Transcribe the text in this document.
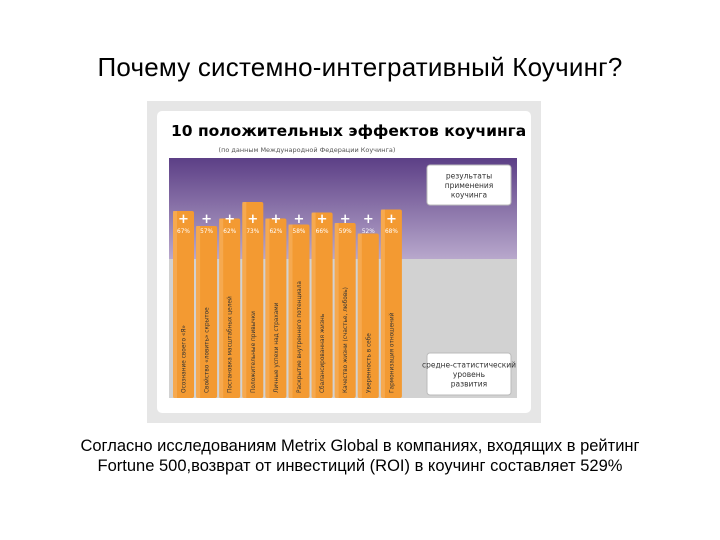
Почему системно-интегративный Коучинг?
10 положительных эффектов коучинга
(по данным Международной Федерации Коучинга)
+ + + + + + + + + +
67% 57% 62% 73% 62% 58% 66% 59% 52% 68%
Осознание своего «Я»	Свойство «ловить» скрытое	Постановка масштабных целей	Положительные привычки	Личные успехи над страхами	Раскрытие внутреннего потенциала	Сбалансированная жизнь	Качество жизни (счастье, любовь)	Уверенность в себе	Гармонизация отношений
результаты
применения
коучинга
средне-статистический
уровень
развития
Согласно исследованиям Metrix Global в компаниях, входящих в рейтинг
Fortune 500,возврат от инвестиций (ROI) в коучинг составляет 529%
